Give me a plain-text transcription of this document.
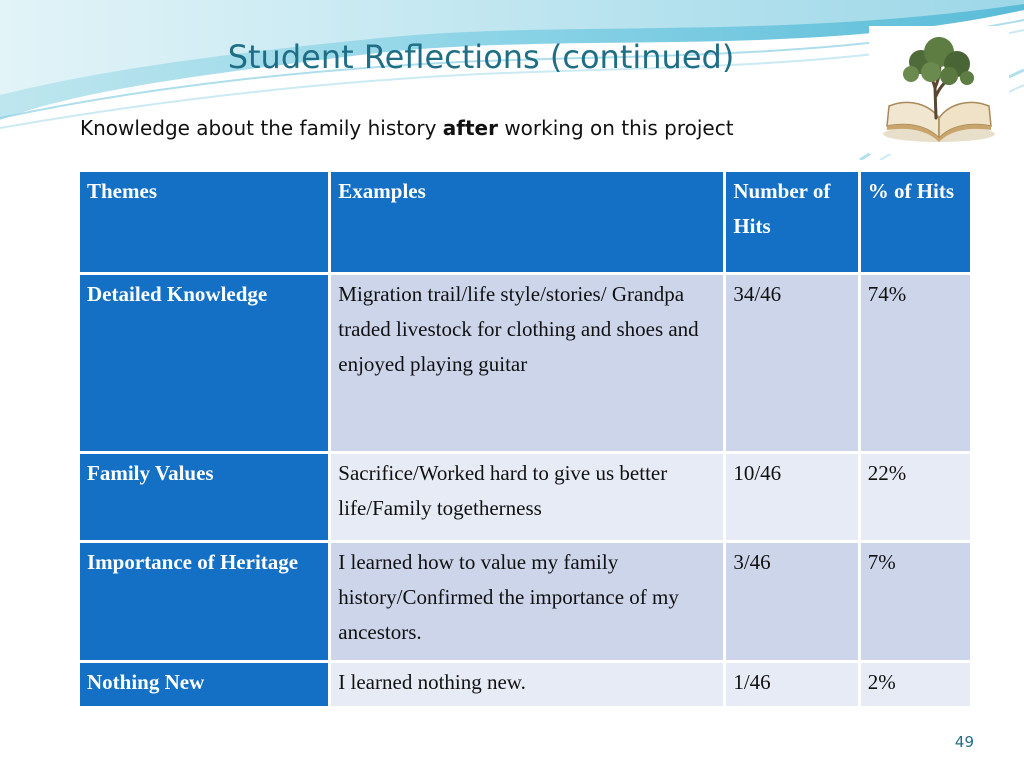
Student Reflections (continued)
Knowledge about the family history after working on this project
Themes	Examples	Number of Hits	% of Hits
Detailed Knowledge	Migration trail/life style/stories/ Grandpa traded livestock for clothing and shoes and enjoyed playing guitar	34/46	74%
Family Values	Sacrifice/Worked hard to give us better life/Family togetherness	10/46	22%
Importance of Heritage	I learned how to value my family history/Confirmed the importance of my ancestors.	3/46	7%
Nothing New	I learned nothing new.	1/46	2%
49
